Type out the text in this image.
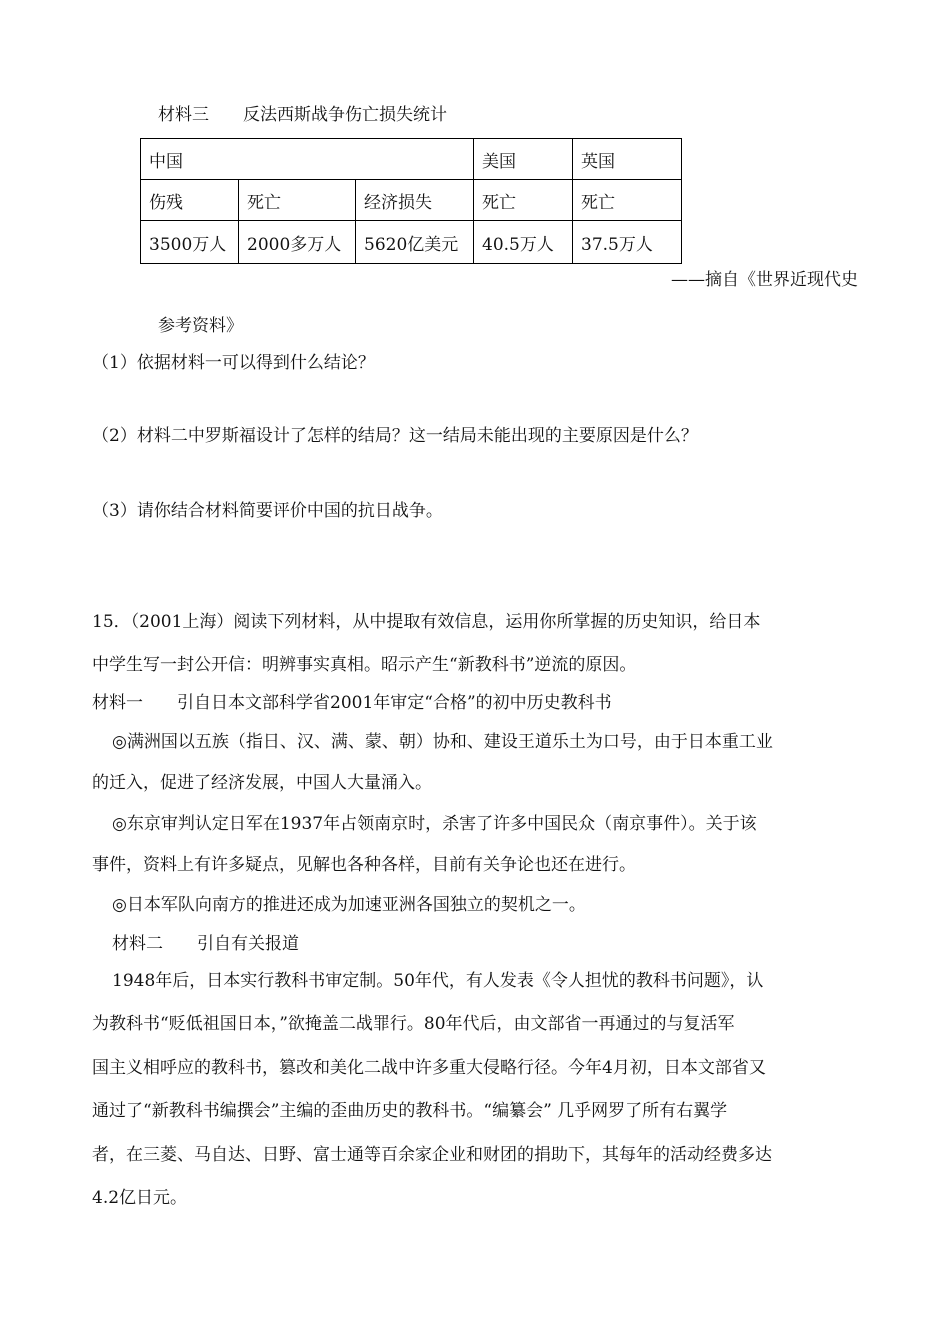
材料三　　反法西斯战争伤亡损失统计
中国			美国	英国
伤残	死亡	经济损失	死亡	死亡
3500万人	2000多万人	5620亿美元	40.5万人	37.5万人
——摘自《世界近现代史
参考资料》
（1）依据材料一可以得到什么结论？
（2）材料二中罗斯福设计了怎样的结局？这一结局未能出现的主要原因是什么？
（3）请你结合材料简要评价中国的抗日战争。
15．（2001上海）阅读下列材料，从中提取有效信息，运用你所掌握的历史知识，给日本
中学生写一封公开信：明辨事实真相。昭示产生“新教科书”逆流的原因。
材料一　　引自日本文部科学省2001年审定“合格”的初中历史教科书
◎满洲国以五族（指日、汉、满、蒙、朝）协和、建设王道乐土为口号，由于日本重工业
的迁入，促进了经济发展，中国人大量涌入。
◎东京审判认定日军在1937年占领南京时，杀害了许多中国民众（南京事件）。关于该
事件，资料上有许多疑点，见解也各种各样，目前有关争论也还在进行。
◎日本军队向南方的推进还成为加速亚洲各国独立的契机之一。
材料二　　引自有关报道
1948年后，日本实行教科书审定制。50年代，有人发表《令人担忧的教科书问题》，认
为教科书“贬低祖国日本，”欲掩盖二战罪行。80年代后，由文部省一再通过的与复活军
国主义相呼应的教科书，篡改和美化二战中许多重大侵略行径。今年4月初，日本文部省又
通过了“新教科书编撰会”主编的歪曲历史的教科书。“编纂会” 几乎网罗了所有右翼学
者，在三菱、马自达、日野、富士通等百余家企业和财团的捐助下，其每年的活动经费多达
4.2亿日元。
